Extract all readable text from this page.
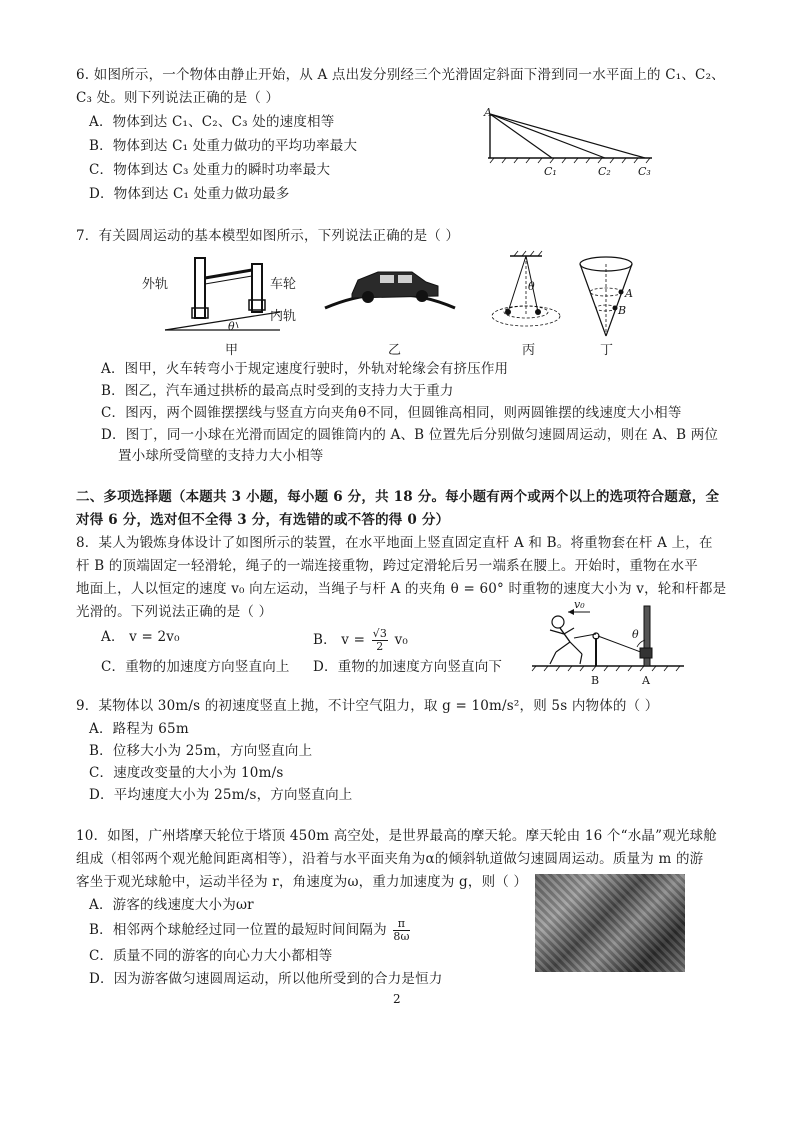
6. 如图所示，一个物体由静止开始，从 A 点出发分别经三个光滑固定斜面下滑到同一水平面上的 C₁、C₂、
C₃ 处。则下列说法正确的是（ ）
A．物体到达 C₁、C₂、C₃ 处的速度相等
B．物体到达 C₁ 处重力做功的平均功率最大
C．物体到达 C₃ 处重力的瞬时功率最大
D．物体到达 C₁ 处重力做功最多
A
C₁	C₂ C₃
7．有关圆周运动的基本模型如图所示，下列说法正确的是（ ）
外轨	车轮
内轨
θ
甲	乙
θ
丙
A
B
丁
A．图甲，火车转弯小于规定速度行驶时，外轨对轮缘会有挤压作用
B．图乙，汽车通过拱桥的最高点时受到的支持力大于重力
C．图丙，两个圆锥摆摆线与竖直方向夹角θ不同，但圆锥高相同，则两圆锥摆的线速度大小相等
D．图丁，同一小球在光滑而固定的圆锥筒内的 A、B 位置先后分别做匀速圆周运动，则在 A、B 两位
置小球所受筒壁的支持力大小相等
二、多项选择题（本题共 3 小题，每小题 6 分，共 18 分。每小题有两个或两个以上的选项符合题意，全
对得 6 分，选对但不全得 3 分，有选错的或不答的得 0 分）
8．某人为锻炼身体设计了如图所示的装置，在水平地面上竖直固定直杆 A 和 B。将重物套在杆 A 上，在
杆 B 的顶端固定一轻滑轮，绳子的一端连接重物，跨过定滑轮后另一端系在腰上。开始时，重物在水平
地面上，人以恒定的速度 v₀ 向左运动，当绳子与杆 A 的夹角 θ = 60° 时重物的速度大小为 v，轮和杆都是
光滑的。下列说法正确的是（ ）
A． v = 2v₀	B． $v = \frac{√3}{2} v_0$
C．重物的加速度方向竖直向上 D．重物的加速度方向竖直向下
v₀
θ
B	A
9．某物体以 30m/s 的初速度竖直上抛，不计空气阻力，取 g = 10m/s²，则 5s 内物体的（ ）
A．路程为 65m
B．位移大小为 25m，方向竖直向上
C．速度改变量的大小为 10m/s
D．平均速度大小为 25m/s，方向竖直向上
10．如图，广州塔摩天轮位于塔顶 450m 高空处，是世界最高的摩天轮。摩天轮由 16 个“水晶”观光球舱
组成（相邻两个观光舱间距离相等），沿着与水平面夹角为α的倾斜轨道做匀速圆周运动。质量为 m 的游
客坐于观光球舱中，运动半径为 r，角速度为ω，重力加速度为 g，则（ ）
A．游客的线速度大小为ωr
B．相邻两个球舱经过同一位置的最短时间间隔为 $\frac{\pi}{8\omega}$
C．质量不同的游客的向心力大小都相等
D．因为游客做匀速圆周运动，所以他所受到的合力是恒力
2
